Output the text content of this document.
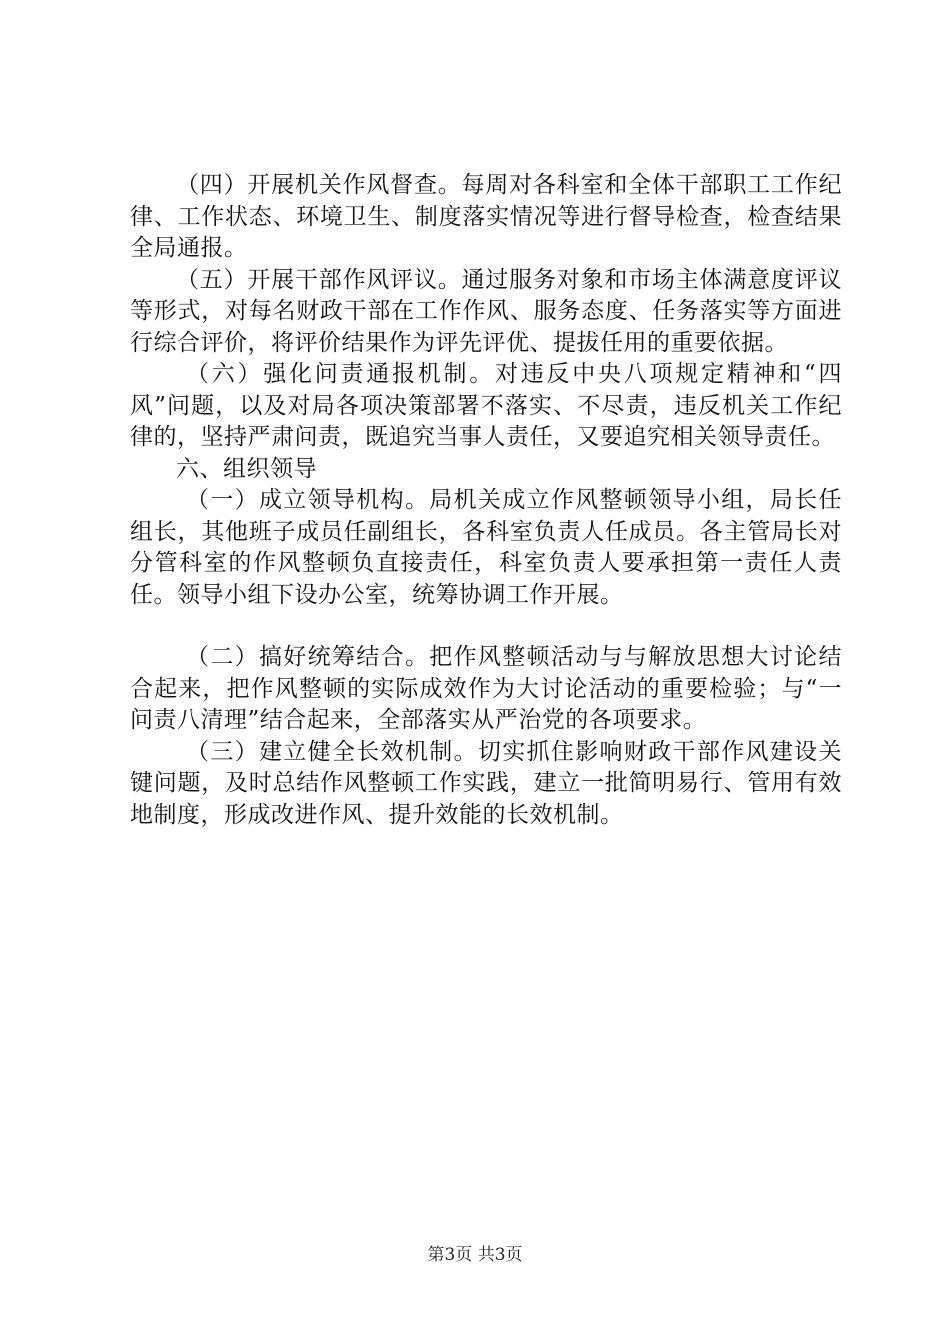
（四）开展机关作风督查。每周对各科室和全体干部职工工作纪律、工作状态、环境卫生、制度落实情况等进行督导检查，检查结果全局通报。

（五）开展干部作风评议。通过服务对象和市场主体满意度评议等形式，对每名财政干部在工作作风、服务态度、任务落实等方面进行综合评价，将评价结果作为评先评优、提拔任用的重要依据。

（六）强化问责通报机制。对违反中央八项规定精神和“四风”问题，以及对局各项决策部署不落实、不尽责，违反机关工作纪律的，坚持严肃问责，既追究当事人责任，又要追究相关领导责任。

六、组织领导

（一）成立领导机构。局机关成立作风整顿领导小组，局长任组长，其他班子成员任副组长，各科室负责人任成员。各主管局长对分管科室的作风整顿负直接责任，科室负责人要承担第一责任人责任。领导小组下设办公室，统筹协调工作开展。

（二）搞好统筹结合。把作风整顿活动与与解放思想大讨论结合起来，把作风整顿的实际成效作为大讨论活动的重要检验；与“一问责八清理”结合起来，全部落实从严治党的各项要求。

（三）建立健全长效机制。切实抓住影响财政干部作风建设关键问题，及时总结作风整顿工作实践，建立一批简明易行、管用有效地制度，形成改进作风、提升效能的长效机制。

第3页 共3页
